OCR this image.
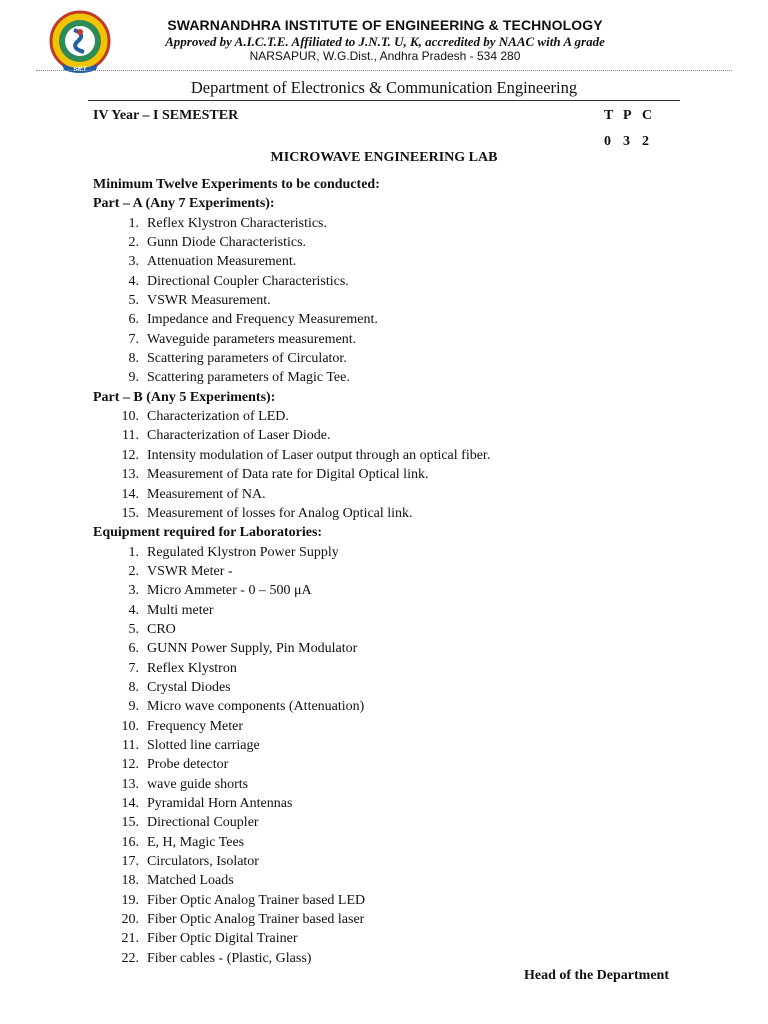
SIET
SWARNANDHRA INSTITUTE OF ENGINEERING & TECHNOLOGY
Approved by A.I.C.T.E. Affiliated to J.N.T. U, K, accredited by NAAC with A grade
NARSAPUR, W.G.Dist., Andhra Pradesh - 534 280
Department of Electronics & Communication Engineering
IV Year – I SEMESTER	T P C
0 3 2
MICROWAVE ENGINEERING LAB
Minimum Twelve Experiments to be conducted:
Part – A (Any 7 Experiments):
1. Reflex Klystron Characteristics.
2. Gunn Diode Characteristics.
3. Attenuation Measurement.
4. Directional Coupler Characteristics.
5. VSWR Measurement.
6. Impedance and Frequency Measurement.
7. Waveguide parameters measurement.
8. Scattering parameters of Circulator.
9. Scattering parameters of Magic Tee.
Part – B (Any 5 Experiments):
10. Characterization of LED.
11. Characterization of Laser Diode.
12. Intensity modulation of Laser output through an optical fiber.
13. Measurement of Data rate for Digital Optical link.
14. Measurement of NA.
15. Measurement of losses for Analog Optical link.
Equipment required for Laboratories:
1. Regulated Klystron Power Supply
2. VSWR Meter -
3. Micro Ammeter - 0 – 500 μA
4. Multi meter
5. CRO
6. GUNN Power Supply, Pin Modulator
7. Reflex Klystron
8. Crystal Diodes
9. Micro wave components (Attenuation)
10. Frequency Meter
11. Slotted line carriage
12. Probe detector
13. wave guide shorts
14. Pyramidal Horn Antennas
15. Directional Coupler
16. E, H, Magic Tees
17. Circulators, Isolator
18. Matched Loads
19. Fiber Optic Analog Trainer based LED
20. Fiber Optic Analog Trainer based laser
21. Fiber Optic Digital Trainer
22. Fiber cables - (Plastic, Glass)
Head of the Department
